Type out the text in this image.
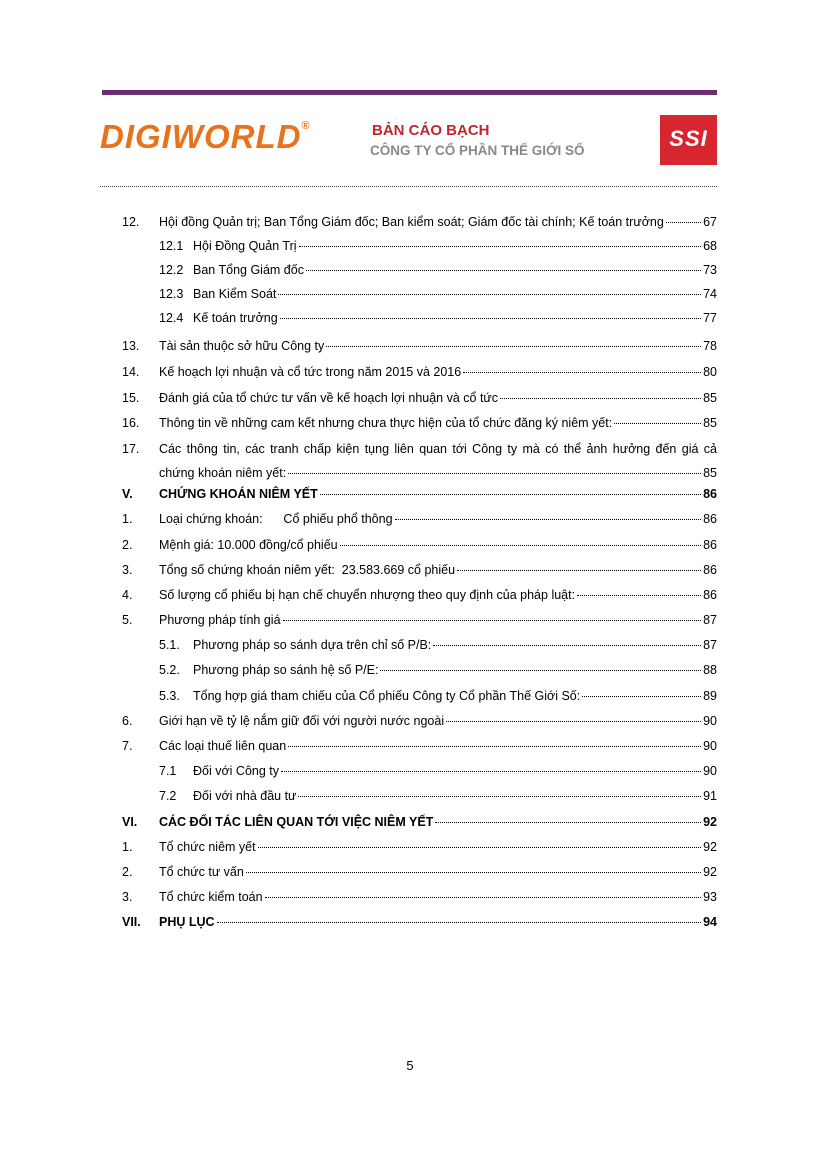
DIGIWORLD®	BẢN CÁO BẠCH
CÔNG TY CỔ PHẦN THẾ GIỚI SỐ	SSI
12. Hội đồng Quản trị; Ban Tổng Giám đốc; Ban kiểm soát; Giám đốc tài chính; Kế toán trưởng	67
12.1 Hội Đồng Quản Trị	68
12.2 Ban Tổng Giám đốc	73
12.3 Ban Kiểm Soát	74
12.4 Kế toán trưởng	77
13. Tài sản thuộc sở hữu Công ty	78
14. Kế hoạch lợi nhuận và cổ tức trong năm 2015 và 2016	80
15. Đánh giá của tổ chức tư vấn về kế hoạch lợi nhuận và cổ tức	85
16. Thông tin về những cam kết nhưng chưa thực hiện của tổ chức đăng ký niêm yết:	85
17. Các thông tin, các tranh chấp kiện tụng liên quan tới Công ty mà có thể ảnh hưởng đến giá cả
chứng khoán niêm yết:	85
V. CHỨNG KHOÁN NIÊM YẾT	86
1. Loại chứng khoán:      Cổ phiếu phổ thông	86
2. Mệnh giá: 10.000 đồng/cổ phiếu	86
3. Tổng số chứng khoán niêm yết:  23.583.669 cổ phiếu	86
4. Số lượng cổ phiếu bị hạn chế chuyển nhượng theo quy định của pháp luật:	86
5. Phương pháp tính giá	87
5.1. Phương pháp so sánh dựa trên chỉ số P/B:	87
5.2. Phương pháp so sánh hệ số P/E:	88
5.3. Tổng hợp giá tham chiếu của Cổ phiếu Công ty Cổ phần Thế Giới Số:	89
6. Giới hạn về tỷ lệ nắm giữ đối với người nước ngoài	90
7. Các loại thuế liên quan	90
7.1 Đối với Công ty	90
7.2 Đối với nhà đầu tư	91
VI. CÁC ĐỐI TÁC LIÊN QUAN TỚI VIỆC NIÊM YẾT	92
1. Tổ chức niêm yết	92
2. Tổ chức tư vấn	92
3. Tổ chức kiểm toán	93
VII. PHỤ LỤC	94
5
